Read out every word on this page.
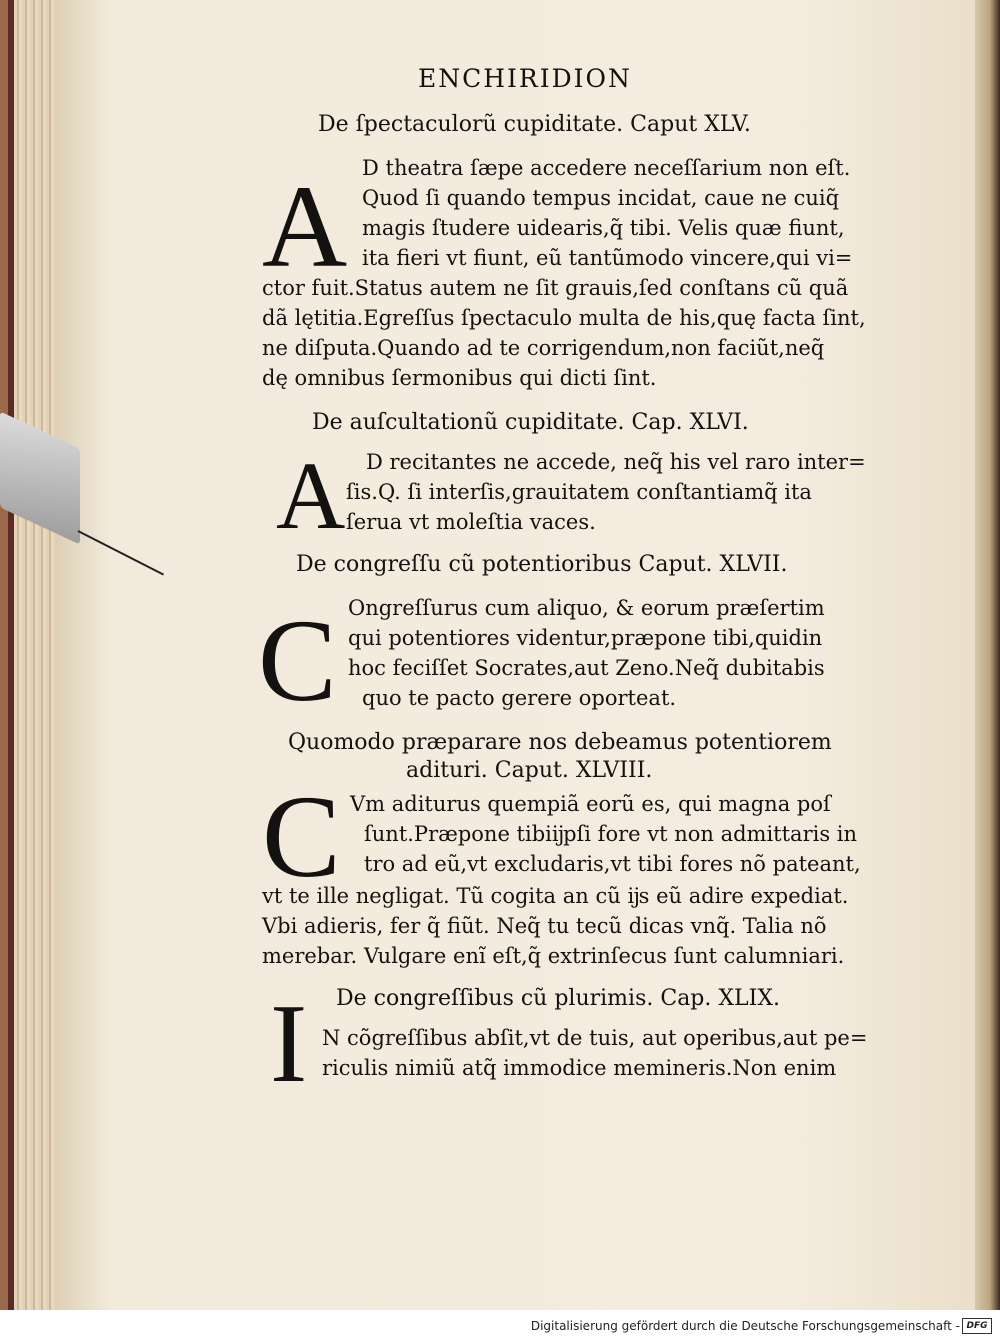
ENCHIRIDION
De ſpectaculorũ cupiditate. Caput XLV.
A D theatra ſæpe accedere neceſſarium non eſt.
Quod ſi quando tempus incidat, caue ne cuiq̃
magis ſtudere uidearis,q̃ tibi. Velis quæ fiunt,
ita fieri vt fiunt, eũ tantũmodo vincere,qui vi=
ctor fuit.Status autem ne ſit grauis,ſed conſtans cũ quã
dã lętitia.Egreſſus ſpectaculo multa de his,quę facta ſint,
ne diſputa.Quando ad te corrigendum,non faciũt,neq̃
dę omnibus ſermonibus qui dicti ſint.
De auſcultationũ cupiditate. Cap. XLVI.
A D recitantes ne accede, neq̃ his vel raro inter=
ſis.Q. ſi interſis,grauitatem conſtantiamq̃ ita
ſerua vt moleſtia vaces.
De congreſſu cũ potentioribus Caput. XLVII.
C Ongreſſurus cum aliquo, & eorum præſertim
qui potentiores videntur,præpone tibi,quidin
hoc feciſſet Socrates,aut Zeno.Neq̃ dubitabis
quo te pacto gerere oporteat.
Quomodo præparare nos debeamus potentiorem
adituri. Caput. XLVIII.
C Vm aditurus quempiã eorũ es, qui magna poſ
ſunt.Præpone tibiĳpſi fore vt non admittaris in
tro ad eũ,vt excludaris,vt tibi fores nõ pateant,
vt te ille negligat. Tũ cogita an cũ ĳs eũ adire expediat.
Vbi adieris, fer q̃ fiũt. Neq̃ tu tecũ dicas vnq̃. Talia nõ
merebar. Vulgare enĩ eſt,q̃ extrinſecus ſunt calumniari.
I De congreſſibus cũ plurimis. Cap. XLIX.
N cõgreſſibus abſit,vt de tuis, aut operibus,aut pe=
riculis nimiũ atq̃ immodice memineris.Non enim
Digitalisierung gefördert durch die Deutsche Forschungsgemeinschaft - DFG
